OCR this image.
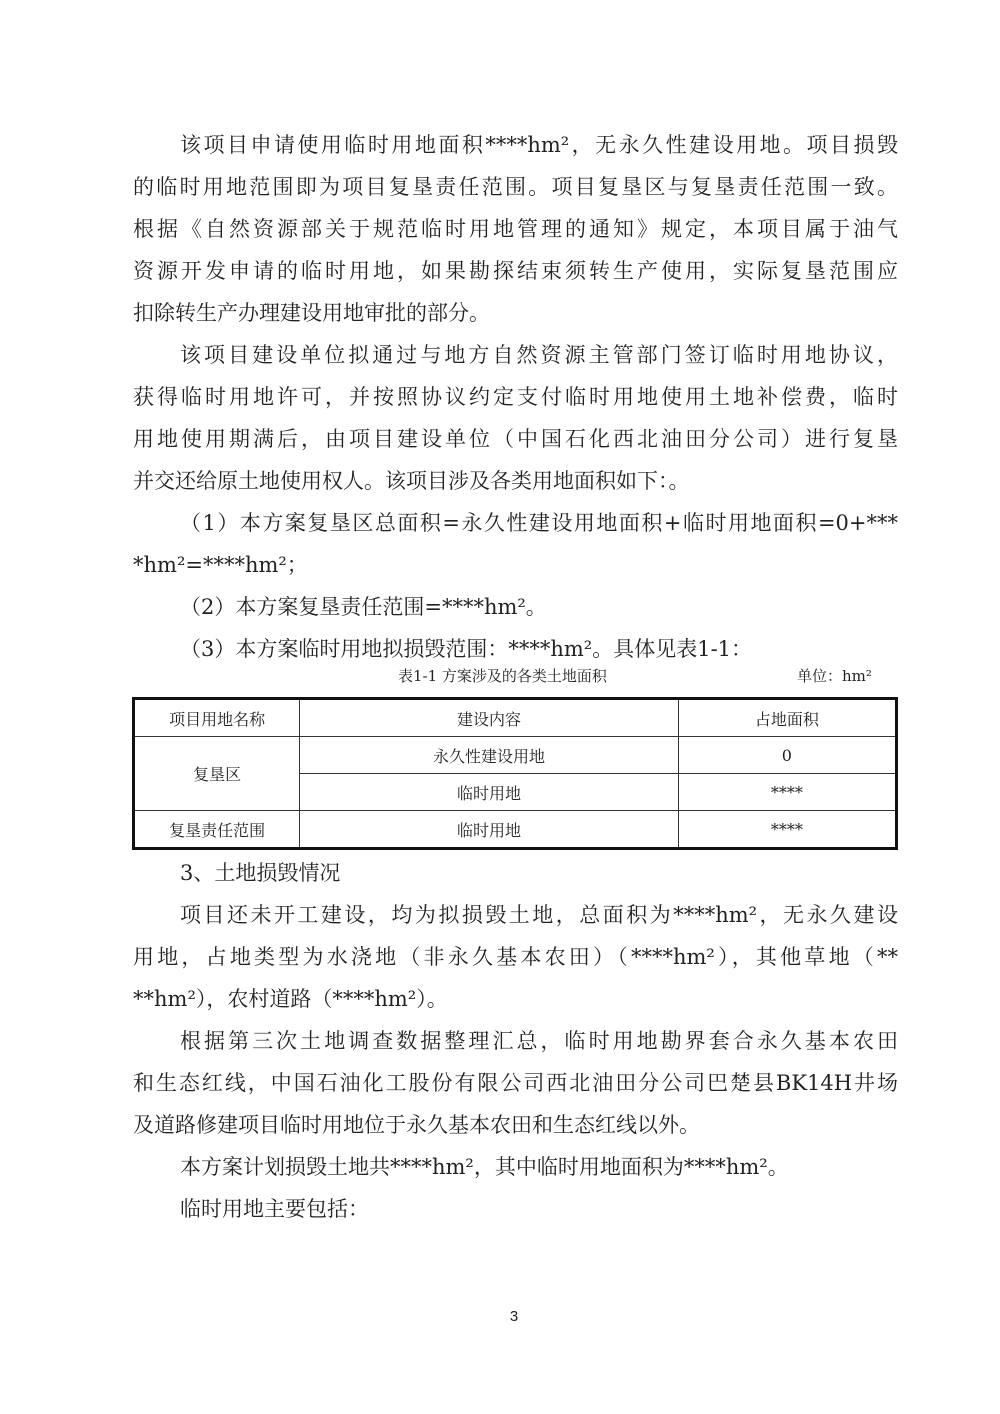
该项目申请使用临时用地面积****hm²，无永久性建设用地。项目损毁
的临时用地范围即为项目复垦责任范围。项目复垦区与复垦责任范围一致。
根据《自然资源部关于规范临时用地管理的通知》规定，本项目属于油气
资源开发申请的临时用地，如果勘探结束须转生产使用，实际复垦范围应
扣除转生产办理建设用地审批的部分。
该项目建设单位拟通过与地方自然资源主管部门签订临时用地协议，
获得临时用地许可，并按照协议约定支付临时用地使用土地补偿费，临时
用地使用期满后，由项目建设单位（中国石化西北油田分公司）进行复垦
并交还给原土地使用权人。该项目涉及各类用地面积如下：。
（1）本方案复垦区总面积=永久性建设用地面积+临时用地面积=0+***
*hm²=****hm²；
（2）本方案复垦责任范围=****hm²。
（3）本方案临时用地拟损毁范围：****hm²。具体见表1-1：
表1-1 方案涉及的各类土地面积	单位：hm²
项目用地名称	建设内容	占地面积
复垦区	永久性建设用地	0
	临时用地	****
复垦责任范围	临时用地	****
3、土地损毁情况
项目还未开工建设，均为拟损毁土地，总面积为****hm²，无永久建设
用地，占地类型为水浇地（非永久基本农田）（****hm²），其他草地（**
**hm²），农村道路（****hm²）。
根据第三次土地调查数据整理汇总，临时用地勘界套合永久基本农田
和生态红线，中国石油化工股份有限公司西北油田分公司巴楚县BK14H井场
及道路修建项目临时用地位于永久基本农田和生态红线以外。
本方案计划损毁土地共****hm²，其中临时用地面积为****hm²。
临时用地主要包括：
3
